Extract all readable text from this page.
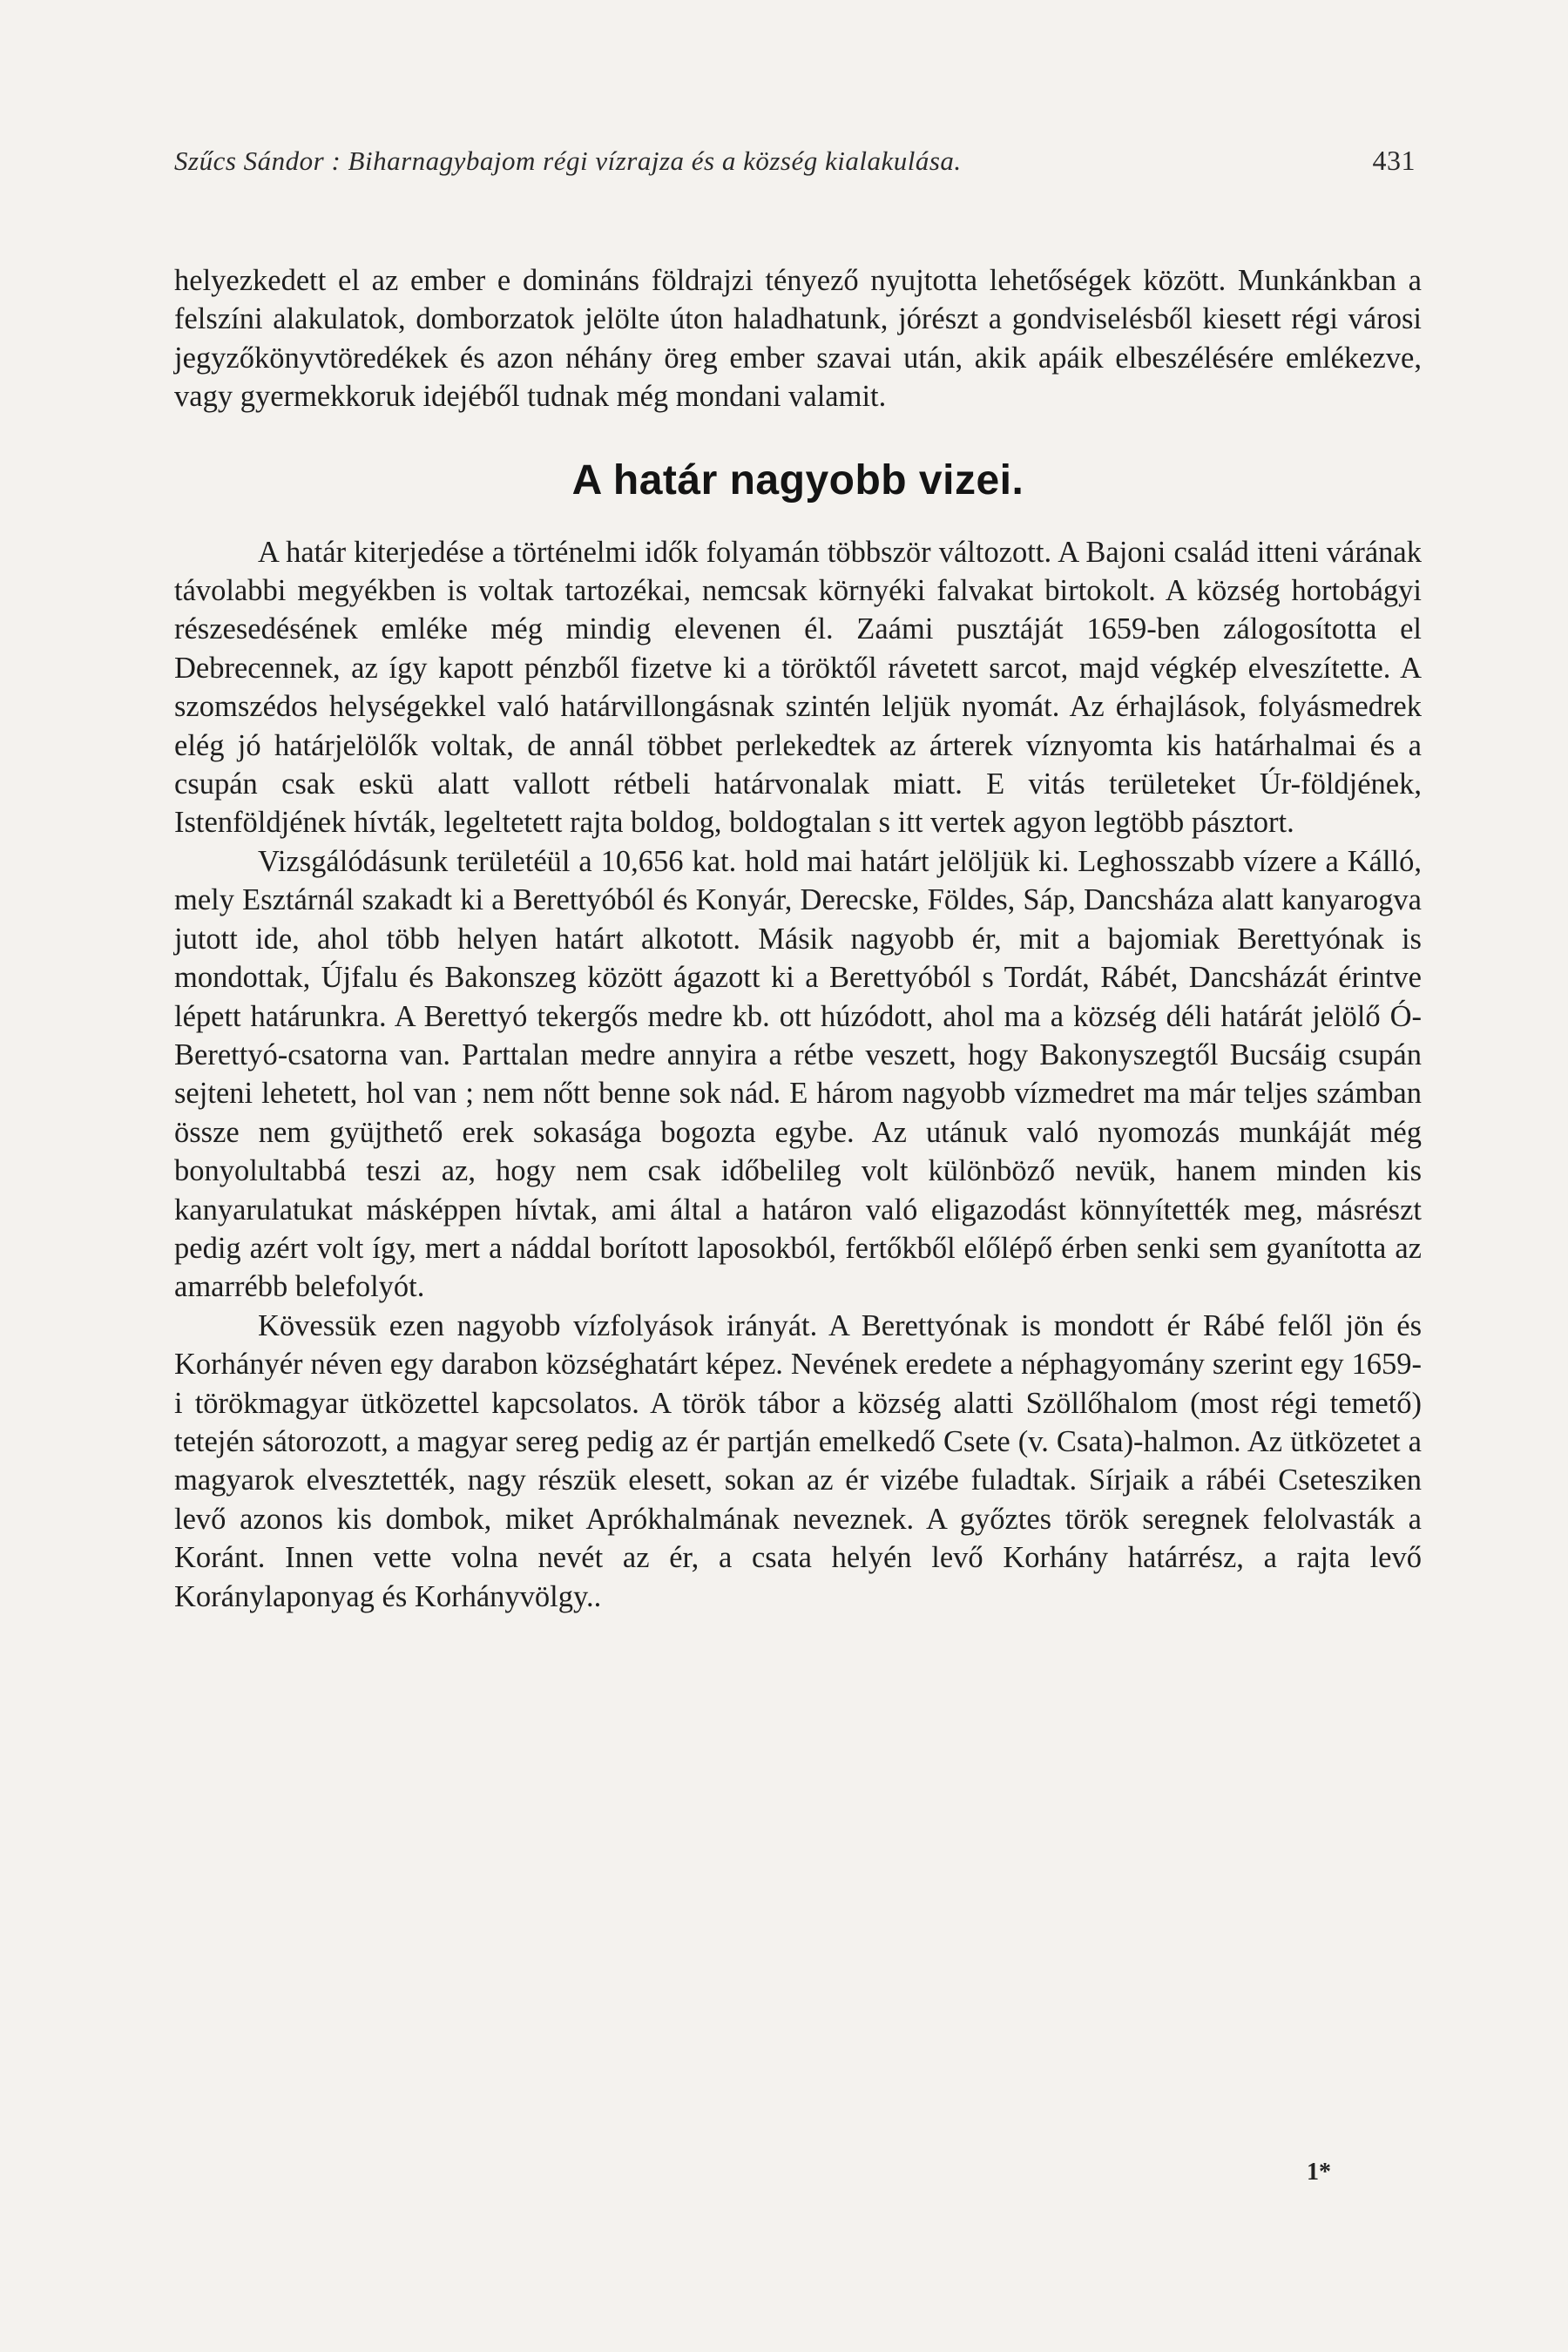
Szűcs Sándor : Biharnagybajom régi vízrajza és a község kialakulása.	431

helyezkedett el az ember e domináns földrajzi tényező nyujtotta lehetőségek között. Munkánkban a felszíni alakulatok, domborzatok jelölte úton haladhatunk, jórészt a gondviselésből kiesett régi városi jegyzőkönyvtöredékek és azon néhány öreg ember szavai után, akik apáik elbeszélésére emlékezve, vagy gyermekkoruk idejéből tudnak még mondani valamit.

A határ nagyobb vizei.

A határ kiterjedése a történelmi idők folyamán többször változott. A Bajoni család itteni várának távolabbi megyékben is voltak tartozékai, nemcsak környéki falvakat birtokolt. A község hortobágyi részesedésének emléke még mindig elevenen él. Zaámi pusztáját 1659-ben zálogosította el Debrecennek, az így kapott pénzből fizetve ki a töröktől rávetett sarcot, majd végkép elveszítette. A szomszédos helységekkel való határvillongásnak szintén leljük nyomát. Az érhajlások, folyásmedrek elég jó határjelölők voltak, de annál többet perlekedtek az árterek víznyomta kis határhalmai és a csupán csak eskü alatt vallott rétbeli határvonalak miatt. E vitás területeket Úr-földjének, Istenföldjének hívták, legeltetett rajta boldog, boldogtalan s itt vertek agyon legtöbb pásztort.

Vizsgálódásunk területéül a 10,656 kat. hold mai határt jelöljük ki. Leghosszabb vízere a Kálló, mely Esztárnál szakadt ki a Berettyóból és Konyár, Derecske, Földes, Sáp, Dancsháza alatt kanyarogva jutott ide, ahol több helyen határt alkotott. Másik nagyobb ér, mit a bajomiak Berettyónak is mondottak, Újfalu és Bakonszeg között ágazott ki a Berettyóból s Tordát, Rábét, Dancsházát érintve lépett határunkra. A Berettyó tekergős medre kb. ott húzódott, ahol ma a község déli határát jelölő Ó-Berettyó-csatorna van. Parttalan medre annyira a rétbe veszett, hogy Bakonyszegtől Bucsáig csupán sejteni lehetett, hol van ; nem nőtt benne sok nád. E három nagyobb vízmedret ma már teljes számban össze nem gyüjthető erek sokasága bogozta egybe. Az utánuk való nyomozás munkáját még bonyolultabbá teszi az, hogy nem csak időbelileg volt különböző nevük, hanem minden kis kanyarulatukat másképpen hívtak, ami által a határon való eligazodást könnyítették meg, másrészt pedig azért volt így, mert a náddal borított laposokból, fertőkből előlépő érben senki sem gyanította az amarrébb belefolyót.

Kövessük ezen nagyobb vízfolyások irányát. A Berettyónak is mondott ér Rábé felől jön és Korhányér néven egy darabon községhatárt képez. Nevének eredete a néphagyomány szerint egy 1659-i törökmagyar ütközettel kapcsolatos. A török tábor a község alatti Szöllőhalom (most régi temető) tetején sátorozott, a magyar sereg pedig az ér partján emelkedő Csete (v. Csata)-halmon. Az ütközetet a magyarok elvesztették, nagy részük elesett, sokan az ér vizébe fuladtak. Sírjaik a rábéi Csetesziken levő azonos kis dombok, miket Aprókhalmának neveznek. A győztes török seregnek felolvasták a Koránt. Innen vette volna nevét az ér, a csata helyén levő Korhány határrész, a rajta levő Koránylaponyag és Korhányvölgy..

1*
